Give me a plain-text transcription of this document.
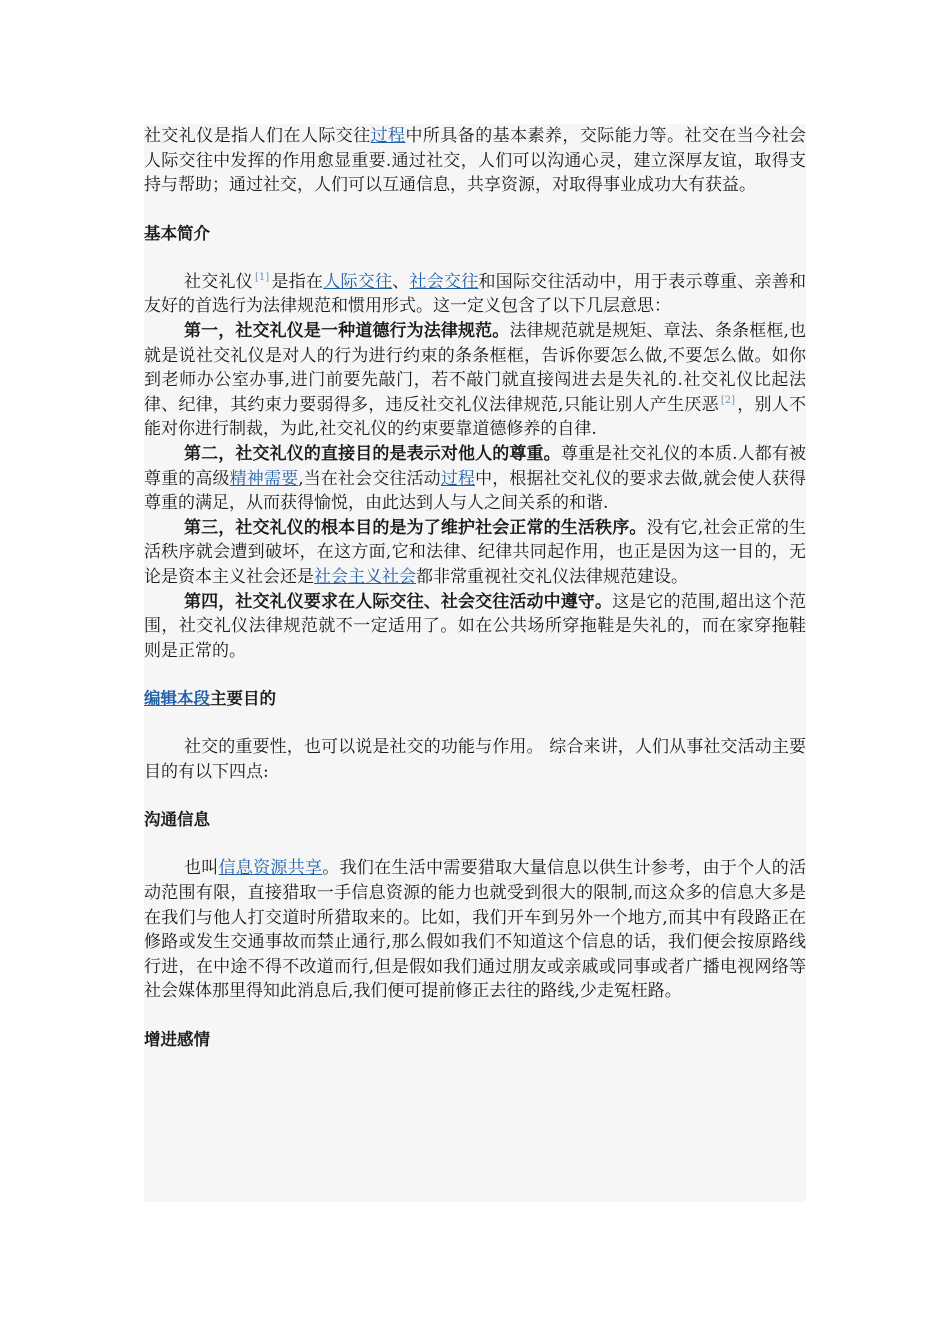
社交礼仪是指人们在人际交往过程中所具备的基本素养，交际能力等。社交在当今社会人际交往中发挥的作用愈显重要.通过社交，人们可以沟通心灵，建立深厚友谊，取得支持与帮助；通过社交，人们可以互通信息，共享资源，对取得事业成功大有获益。

基本简介

社交礼仪 [1] 是指在人际交往、社会交往和国际交往活动中，用于表示尊重、亲善和友好的首选行为法律规范和惯用形式。这一定义包含了以下几层意思：

第一，社交礼仪是一种道德行为法律规范。法律规范就是规矩、章法、条条框框,也就是说社交礼仪是对人的行为进行约束的条条框框，告诉你要怎么做,不要怎么做。如你到老师办公室办事,进门前要先敲门，若不敲门就直接闯进去是失礼的.社交礼仪比起法律、纪律，其约束力要弱得多，违反社交礼仪法律规范,只能让别人产生厌恶 [2] ，别人不能对你进行制裁，为此,社交礼仪的约束要靠道德修养的自律.

第二，社交礼仪的直接目的是表示对他人的尊重。尊重是社交礼仪的本质.人都有被尊重的高级精神需要,当在社会交往活动过程中，根据社交礼仪的要求去做,就会使人获得尊重的满足，从而获得愉悦，由此达到人与人之间关系的和谐.

第三，社交礼仪的根本目的是为了维护社会正常的生活秩序。没有它,社会正常的生活秩序就会遭到破坏，在这方面,它和法律、纪律共同起作用，也正是因为这一目的，无论是资本主义社会还是社会主义社会都非常重视社交礼仪法律规范建设。

第四，社交礼仪要求在人际交往、社会交往活动中遵守。这是它的范围,超出这个范围，社交礼仪法律规范就不一定适用了。如在公共场所穿拖鞋是失礼的，而在家穿拖鞋则是正常的。

编辑本段主要目的

社交的重要性，也可以说是社交的功能与作用。 综合来讲，人们从事社交活动主要目的有以下四点:

沟通信息

也叫信息资源共享。我们在生活中需要猎取大量信息以供生计参考，由于个人的活动范围有限，直接猎取一手信息资源的能力也就受到很大的限制,而这众多的信息大多是在我们与他人打交道时所猎取来的。比如，我们开车到另外一个地方,而其中有段路正在修路或发生交通事故而禁止通行,那么假如我们不知道这个信息的话，我们便会按原路线行进，在中途不得不改道而行,但是假如我们通过朋友或亲戚或同事或者广播电视网络等社会媒体那里得知此消息后,我们便可提前修正去往的路线,少走冤枉路。

增进感情
